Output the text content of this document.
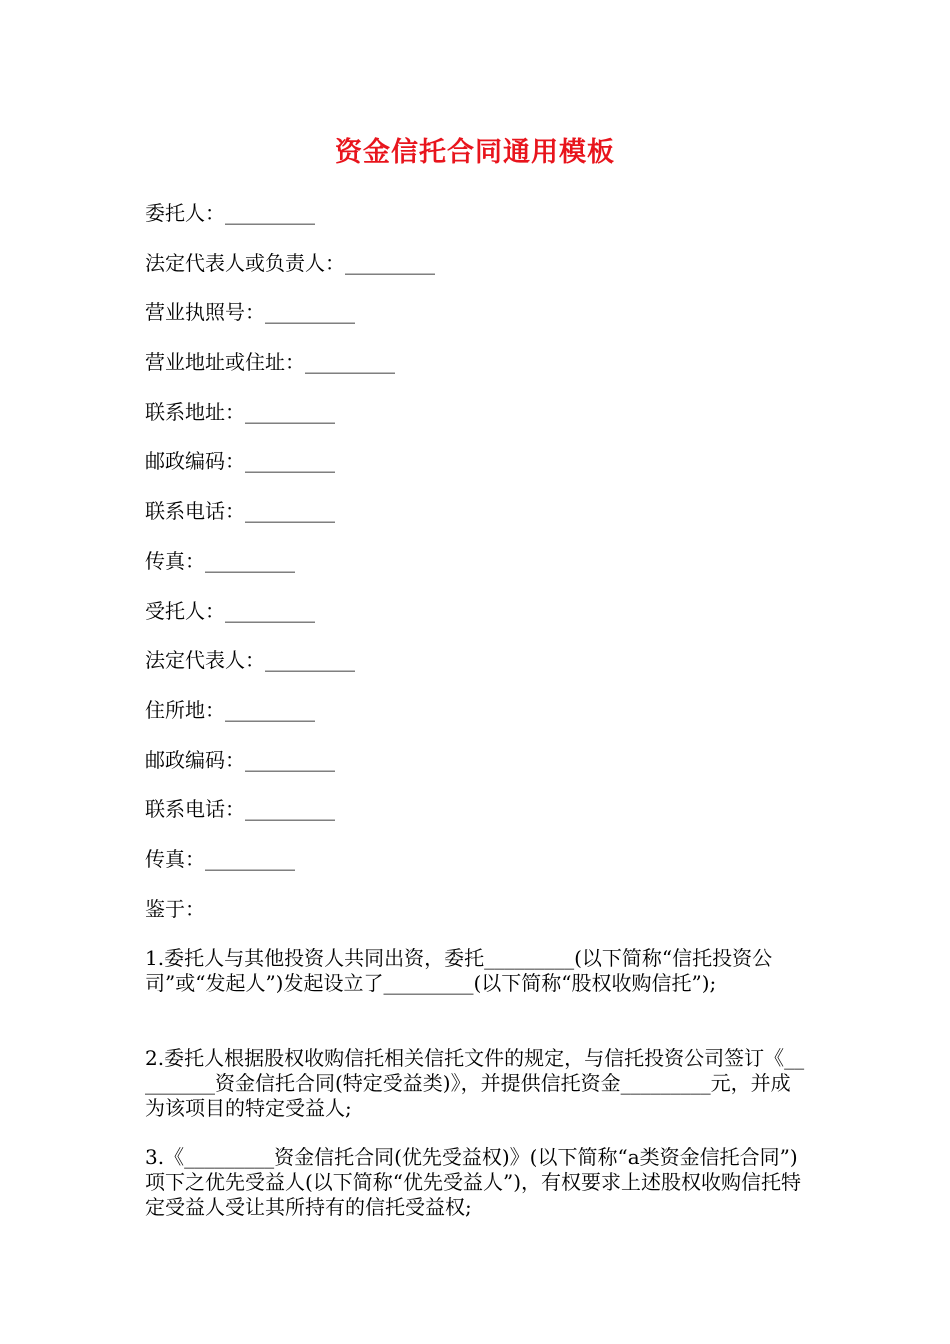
资金信托合同通用模板
委托人：_________
法定代表人或负责人：_________
营业执照号：_________
营业地址或住址：_________
联系地址：_________
邮政编码：_________
联系电话：_________
传真：_________
受托人：_________
法定代表人：_________
住所地：_________
邮政编码：_________
联系电话：_________
传真：_________

鉴于：

1.委托人与其他投资人共同出资，委托_________(以下简称“信托投资公司”或“发起人”)发起设立了_________(以下简称“股权收购信托”);

2.委托人根据股权收购信托相关信托文件的规定，与信托投资公司签订《_________资金信托合同(特定受益类)》，并提供信托资金_________元，并成为该项目的特定受益人;

3.《_________资金信托合同(优先受益权)》(以下简称“a类资金信托合同”)项下之优先受益人(以下简称“优先受益人”)，有权要求上述股权收购信托特定受益人受让其所持有的信托受益权;
